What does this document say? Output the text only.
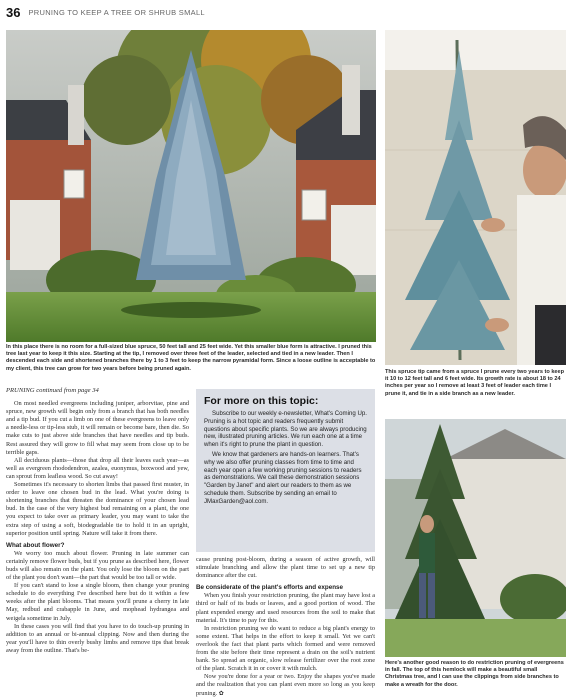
36 PRUNING TO KEEP A TREE OR SHRUB SMALL
In this place there is no room for a full-sized blue spruce, 50 feet tall and 25 feet wide. Yet this smaller blue form is attractive. I pruned this tree last year to keep it this size. Starting at the tip, I removed over three feet of the leader, selected and tied in a new leader. Then I descended each side and shortened branches there by 1 to 3 feet to keep the narrow pyramidal form. Since a loose outline is acceptable to my client, this tree can grow for two years before being pruned again.
This spruce tip came from a spruce I prune every two years to keep it 10 to 12 feet tall and 6 feet wide. Its growth rate is about 18 to 24 inches per year so I remove at least 3 feet of leader each time I prune it, and tie in a side branch as a new leader.
Here's another good reason to do restriction pruning of evergreens in fall. The top of this hemlock will make a beautiful small Christmas tree, and I can use the clippings from side branches to make a wreath for the door.

PRUNING continued from page 34

On most needled evergreens including juniper, arborvitae, pine and spruce, new growth will begin only from a branch that has both needles and a tip bud. If you cut a limb on one of these evergreens to leave only a needle-less or tip-less stub, it will remain or become bare, then die. So make cuts to just above side branches that have needles and tip buds. Rest assured they will grow to fill what may seem from close up to be terrible gaps.

All deciduous plants—those that drop all their leaves each year—as well as evergreen rhododendron, azalea, euonymus, boxwood and yew, can sprout from leafless wood. So cut away!

Sometimes it's necessary to shorten limbs that passed first muster, in order to leave one chosen bud in the lead. What you're doing is shortening branches that threaten the dominance of your chosen lead bud. In the case of the very highest bud remaining on a plant, the one you expect to take over as primary leader, you may want to take the extra step of using a soft, biodegradable tie to hold it in an upright, superior position until spring. Nature will take it from there.

What about flower?

We worry too much about flower. Pruning in late summer can certainly remove flower buds, but if you prune as described here, flower buds will also remain on the plant. You only lose the bloom on the part of the plant you don't want—the part that would be too tall or wide.

If you can't stand to lose a single bloom, then change your pruning schedule to do everything I've described here but do it within a few weeks after the plant blooms. That means you'll prune a cherry in late May, redbud and crabapple in June, and mophead hydrangea and weigela sometime in July.

In these cases you will find that you have to do touch-up pruning in addition to an annual or bi-annual clipping. Now and then during the year you'll have to thin overly bushy limbs and remove tips that break away from the outline. That's be-

For more on this topic:

Subscribe to our weekly e-newsletter, What's Coming Up. Pruning is a hot topic and readers frequently submit questions about specific plants. So we are always producing new, illustrated pruning articles. We run each one at a time when it's right to prune the plant in question.

We know that gardeners are hands-on learners. That's why we also offer pruning classes from time to time and each year open a few working pruning sessions to readers as demonstrations. We call these demonstration sessions "Garden by Janet" and alert our readers to them as we schedule them. Subscribe by sending an email to JMaxGarden@aol.com.

cause pruning post-bloom, during a season of active growth, will stimulate branching and allow the plant time to set up a new tip dominance after the cut.

Be considerate of the plant's efforts and expense

When you finish your restriction pruning, the plant may have lost a third or half of its buds or leaves, and a good portion of wood. The plant expended energy and used resources from the soil to make that material. It's time to pay for this.

In restriction pruning we do want to reduce a big plant's energy to some extent. That helps in the effort to keep it small. Yet we can't overlook the fact that plant parts which formed and were removed from the site before their time represent a drain on the soil's nutrient bank. So spread an organic, slow release fertilizer over the root zone of the plant. Scratch it in or cover it with mulch.

Now you're done for a year or two. Enjoy the shapes you've made and the realization that you can plant even more so long as you keep pruning. ✿
